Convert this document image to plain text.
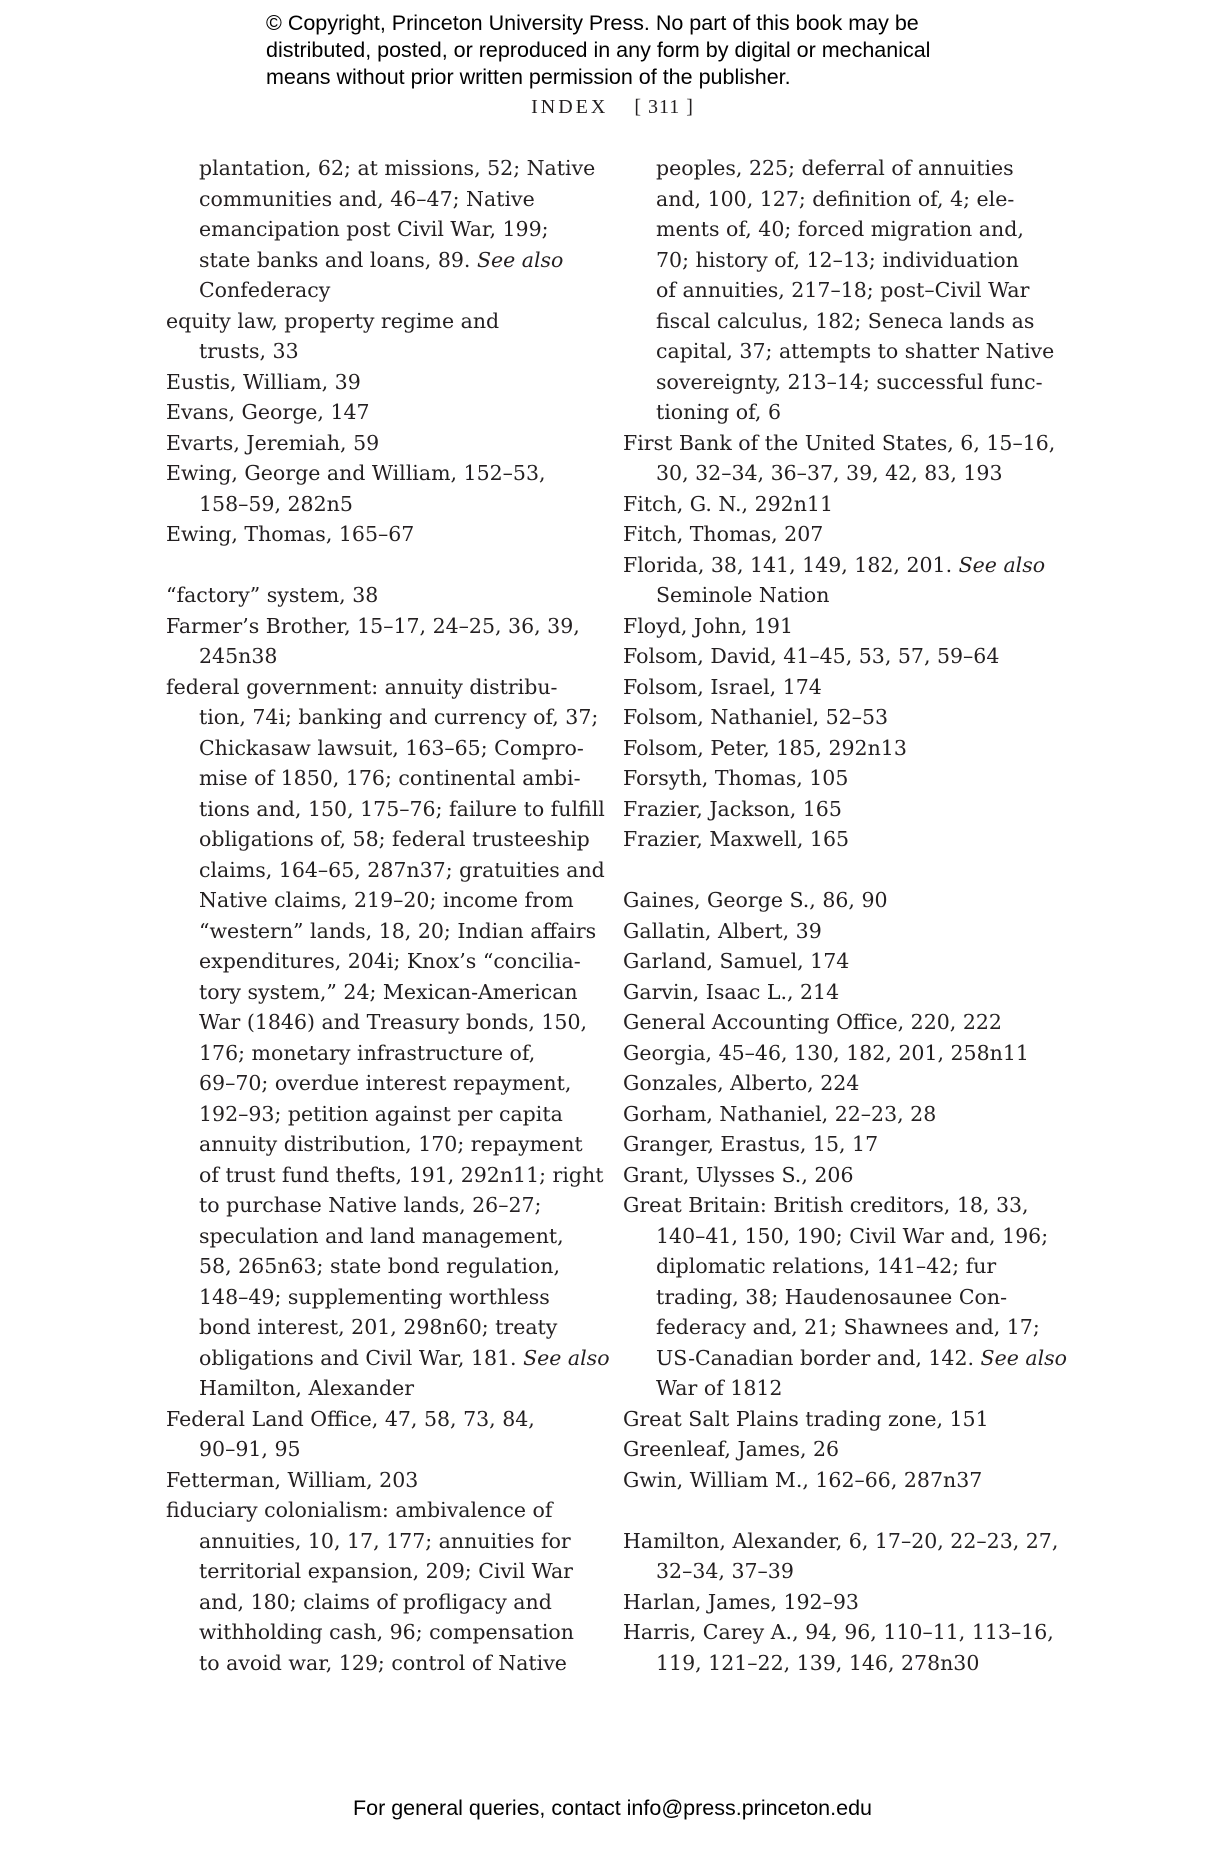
© Copyright, Princeton University Press. No part of this book may be
distributed, posted, or reproduced in any form by digital or mechanical
means without prior written permission of the publisher.
INDEX [ 311 ]
plantation, 62; at missions, 52; Native
communities and, 46–47; Native
emancipation post Civil War, 199;
state banks and loans, 89. See also
Confederacy
equity law, property regime and
trusts, 33
Eustis, William, 39
Evans, George, 147
Evarts, Jeremiah, 59
Ewing, George and William, 152–53,
158–59, 282n5
Ewing, Thomas, 165–67
“factory” system, 38
Farmer’s Brother, 15–17, 24–25, 36, 39,
245n38
federal government: annuity distribu-
tion, 74i; banking and currency of, 37;
Chickasaw lawsuit, 163–65; Compro-
mise of 1850, 176; continental ambi-
tions and, 150, 175–76; failure to fulfill
obligations of, 58; federal trusteeship
claims, 164–65, 287n37; gratuities and
Native claims, 219–20; income from
“western” lands, 18, 20; Indian affairs
expenditures, 204i; Knox’s “concilia-
tory system,” 24; Mexican-American
War (1846) and Treasury bonds, 150,
176; monetary infrastructure of,
69–70; overdue interest repayment,
192–93; petition against per capita
annuity distribution, 170; repayment
of trust fund thefts, 191, 292n11; right
to purchase Native lands, 26–27;
speculation and land management,
58, 265n63; state bond regulation,
148–49; supplementing worthless
bond interest, 201, 298n60; treaty
obligations and Civil War, 181. See also
Hamilton, Alexander
Federal Land Office, 47, 58, 73, 84,
90–91, 95
Fetterman, William, 203
fiduciary colonialism: ambivalence of
annuities, 10, 17, 177; annuities for
territorial expansion, 209; Civil War
and, 180; claims of profligacy and
withholding cash, 96; compensation
to avoid war, 129; control of Native
peoples, 225; deferral of annuities
and, 100, 127; definition of, 4; ele-
ments of, 40; forced migration and,
70; history of, 12–13; individuation
of annuities, 217–18; post–Civil War
fiscal calculus, 182; Seneca lands as
capital, 37; attempts to shatter Native
sovereignty, 213–14; successful func-
tioning of, 6
First Bank of the United States, 6, 15–16,
30, 32–34, 36–37, 39, 42, 83, 193
Fitch, G. N., 292n11
Fitch, Thomas, 207
Florida, 38, 141, 149, 182, 201. See also
Seminole Nation
Floyd, John, 191
Folsom, David, 41–45, 53, 57, 59–64
Folsom, Israel, 174
Folsom, Nathaniel, 52–53
Folsom, Peter, 185, 292n13
Forsyth, Thomas, 105
Frazier, Jackson, 165
Frazier, Maxwell, 165
Gaines, George S., 86, 90
Gallatin, Albert, 39
Garland, Samuel, 174
Garvin, Isaac L., 214
General Accounting Office, 220, 222
Georgia, 45–46, 130, 182, 201, 258n11
Gonzales, Alberto, 224
Gorham, Nathaniel, 22–23, 28
Granger, Erastus, 15, 17
Grant, Ulysses S., 206
Great Britain: British creditors, 18, 33,
140–41, 150, 190; Civil War and, 196;
diplomatic relations, 141–42; fur
trading, 38; Haudenosaunee Con-
federacy and, 21; Shawnees and, 17;
US-Canadian border and, 142. See also
War of 1812
Great Salt Plains trading zone, 151
Greenleaf, James, 26
Gwin, William M., 162–66, 287n37
Hamilton, Alexander, 6, 17–20, 22–23, 27,
32–34, 37–39
Harlan, James, 192–93
Harris, Carey A., 94, 96, 110–11, 113–16,
119, 121–22, 139, 146, 278n30
For general queries, contact info@press.princeton.edu
